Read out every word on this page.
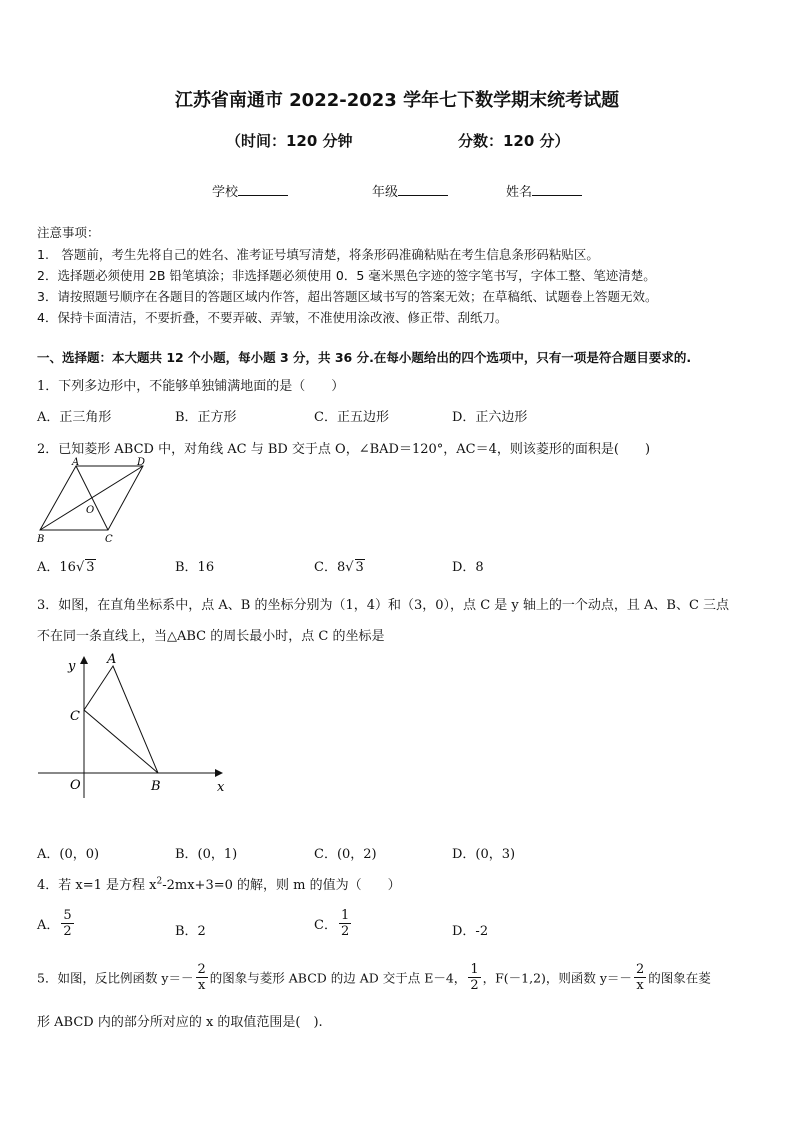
江苏省南通市 2022-2023 学年七下数学期末统考试题
（时间：120 分钟	分数：120 分）
学校	年级	姓名
注意事项：
1.　答题前，考生先将自己的姓名、准考证号填写清楚，将条形码准确粘贴在考生信息条形码粘贴区。
2．选择题必须使用 2B 铅笔填涂；非选择题必须使用 0．5 毫米黑色字迹的签字笔书写，字体工整、笔迹清楚。
3．请按照题号顺序在各题目的答题区域内作答，超出答题区域书写的答案无效；在草稿纸、试题卷上答题无效。
4．保持卡面清洁，不要折叠，不要弄破、弄皱，不准使用涂改液、修正带、刮纸刀。
一、选择题：本大题共 12 个小题，每小题 3 分，共 36 分.在每小题给出的四个选项中，只有一项是符合题目要求的.
1．下列多边形中，不能够单独铺满地面的是（　　）
A．正三角形	B．正方形	C．正五边形	D．正六边形
2．已知菱形 ABCD 中，对角线 AC 与 BD 交于点 O，∠BAD＝120°，AC＝4，则该菱形的面积是(　　)
A	D
O
B	C
A．16√ 3	B．16	C．8√ 3	D．8
3．如图，在直角坐标系中，点 A、B 的坐标分别为（1，4）和（3，0），点 C 是 y 轴上的一个动点，且 A、B、C 三点
不在同一条直线上，当△ABC 的周长最小时，点 C 的坐标是
y
x
A
C
O	B
A．(0，0)	B．(0，1)	C．(0，2)	D．(0，3)
4．若 x=1 是方程 $x^2-2mx+3=0$ 的解，则 m 的值为（　　）
A． $\frac{5}{2}$	B．2	C． $\frac{1}{2}$	D．-2
5．如图，反比例函数 $y=- \frac{2}{x}$ 的图象与菱形 ABCD 的边 AD 交于点 E－4， $\frac{1}{2}$ ，F(－1,2)，则函数 $y=- \frac{2}{x}$ 的图象在菱
形 ABCD 内的部分所对应的 x 的取值范围是(　).
